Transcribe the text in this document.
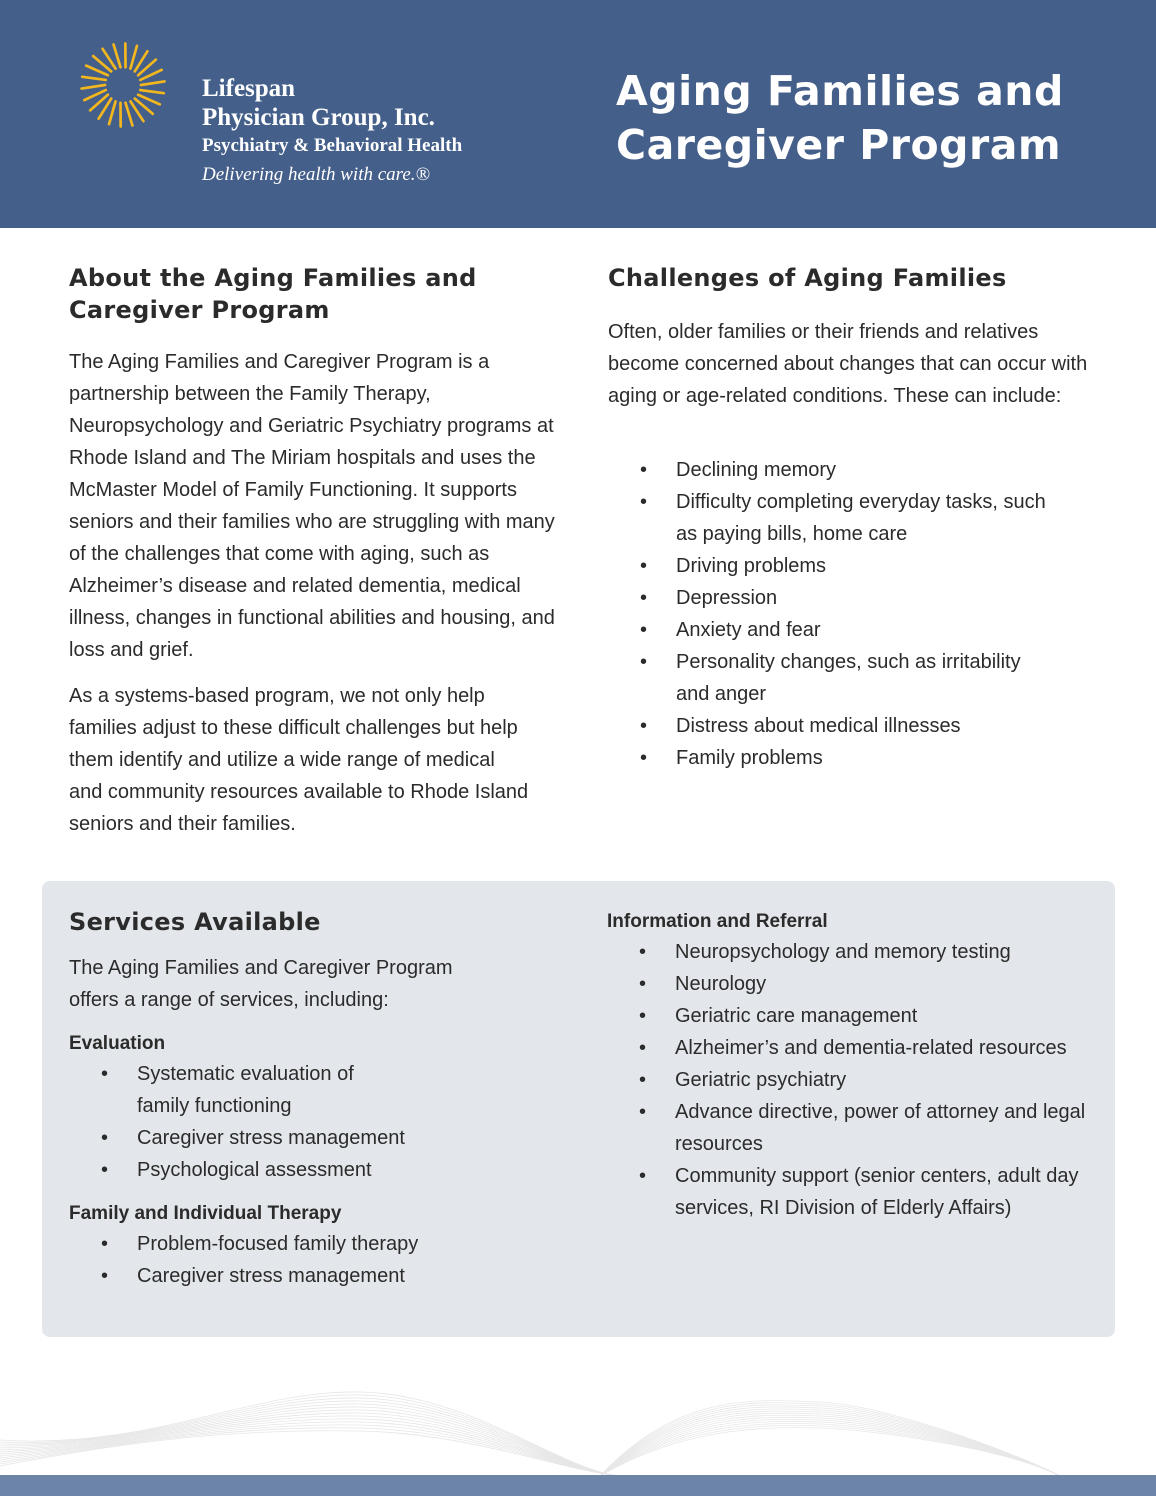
Lifespan
Physician Group, Inc.
Psychiatry & Behavioral Health
Delivering health with care.®
Aging Families and
Caregiver Program
About the Aging Families and Caregiver Program

The Aging Families and Caregiver Program is a partnership between the Family Therapy, Neuropsychology and Geriatric Psychiatry programs at Rhode Island and The Miriam hospitals and uses the McMaster Model of Family Functioning. It supports seniors and their families who are struggling with many of the challenges that come with aging, such as Alzheimer’s disease and related dementia, medical illness, changes in functional abilities and housing, and loss and grief.

As a systems-based program, we not only help families adjust to these difficult challenges but help them identify and utilize a wide range of medical and community resources available to Rhode Island seniors and their families.

Challenges of Aging Families

Often, older families or their friends and relatives become concerned about changes that can occur with aging or age-related conditions. These can include:

• Declining memory
• Difficulty completing everyday tasks, such as paying bills, home care
• Driving problems
• Depression
• Anxiety and fear
• Personality changes, such as irritability and anger
• Distress about medical illnesses
• Family problems
Services Available

The Aging Families and Caregiver Program offers a range of services, including:

Evaluation
• Systematic evaluation of family functioning
• Caregiver stress management
• Psychological assessment
Family and Individual Therapy
• Problem-focused family therapy
• Caregiver stress management
Information and Referral
• Neuropsychology and memory testing
• Neurology
• Geriatric care management
• Alzheimer’s and dementia-related resources
• Geriatric psychiatry
• Advance directive, power of attorney and legal resources
• Community support (senior centers, adult day services, RI Division of Elderly Affairs)
